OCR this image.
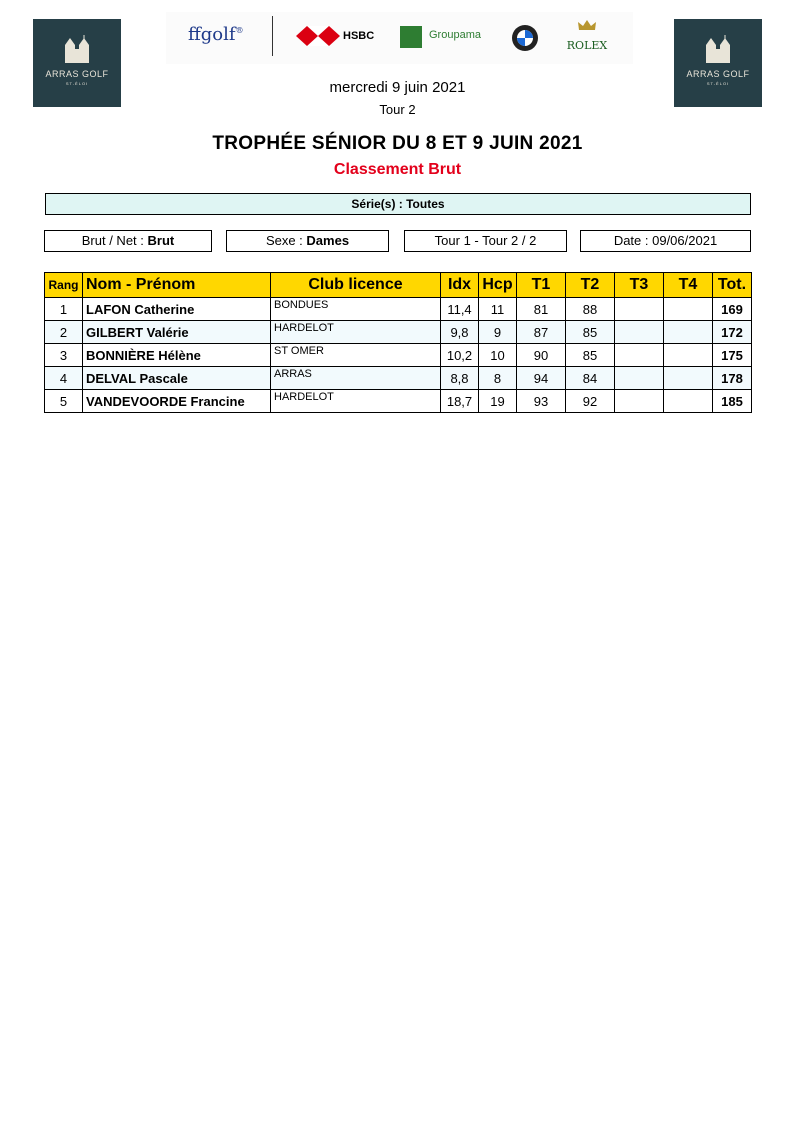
ARRAS GOLF
ST-ÉLOI
ffgolf®	HSBC	Groupama
ROLEX
ARRAS GOLF
ST-ÉLOI
mercredi 9 juin 2021
Tour 2
TROPHÉE SÉNIOR DU 8 ET 9 JUIN 2021
Classement Brut
Série(s) : Toutes
Brut / Net : Brut	Sexe : Dames	Tour 1 - Tour 2 / 2	Date : 09/06/2021
Rang	Nom - Prénom	Club licence	Idx	Hcp	T1	T2	T3	T4	Tot.
1	LAFON Catherine	BONDUES	11,4	11	81	88			169
2	GILBERT Valérie	HARDELOT	9,8	9	87	85			172
3	BONNIÈRE Hélène	ST OMER	10,2	10	90	85			175
4	DELVAL Pascale	ARRAS	8,8	8	94	84			178
5	VANDEVOORDE Francine	HARDELOT	18,7	19	93	92			185
